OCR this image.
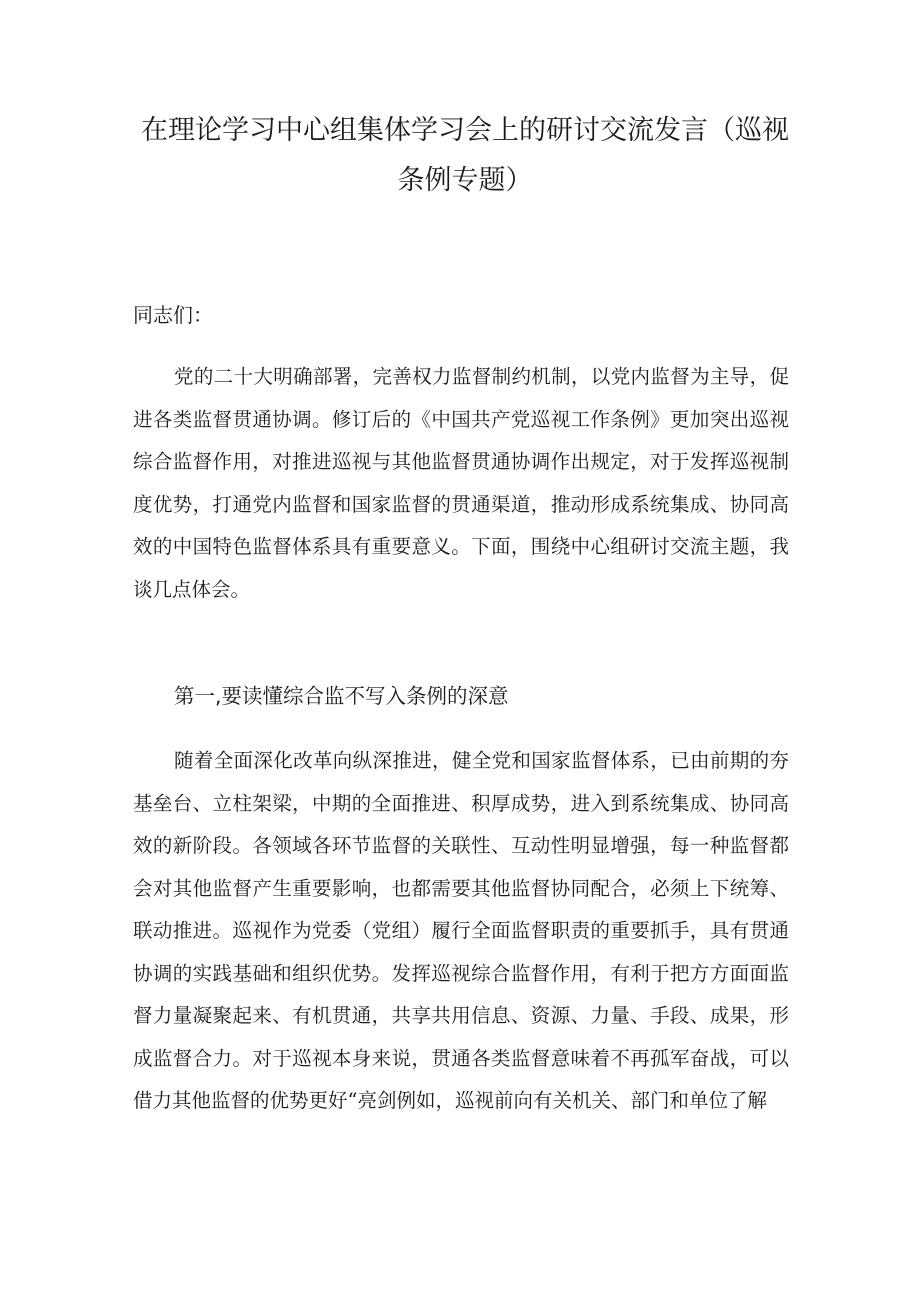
在理论学习中心组集体学习会上的研讨交流发言（巡视条例专题）

同志们：

党的二十大明确部署，完善权力监督制约机制，以党内监督为主导，促进各类监督贯通协调。修订后的《中国共产党巡视工作条例》更加突出巡视综合监督作用，对推进巡视与其他监督贯通协调作出规定，对于发挥巡视制度优势，打通党内监督和国家监督的贯通渠道，推动形成系统集成、协同高效的中国特色监督体系具有重要意义。下面，围绕中心组研讨交流主题，我谈几点体会。

第一,要读懂综合监不写入条例的深意

随着全面深化改革向纵深推进，健全党和国家监督体系，已由前期的夯基垒台、立柱架梁，中期的全面推进、积厚成势，进入到系统集成、协同高效的新阶段。各领域各环节监督的关联性、互动性明显增强，每一种监督都会对其他监督产生重要影响，也都需要其他监督协同配合，必须上下统筹、联动推进。巡视作为党委（党组）履行全面监督职责的重要抓手，具有贯通协调的实践基础和组织优势。发挥巡视综合监督作用，有利于把方方面面监督力量凝聚起来、有机贯通，共享共用信息、资源、力量、手段、成果，形成监督合力。对于巡视本身来说，贯通各类监督意味着不再孤军奋战，可以借力其他监督的优势更好“亮剑例如，巡视前向有关机关、部门和单位了解
